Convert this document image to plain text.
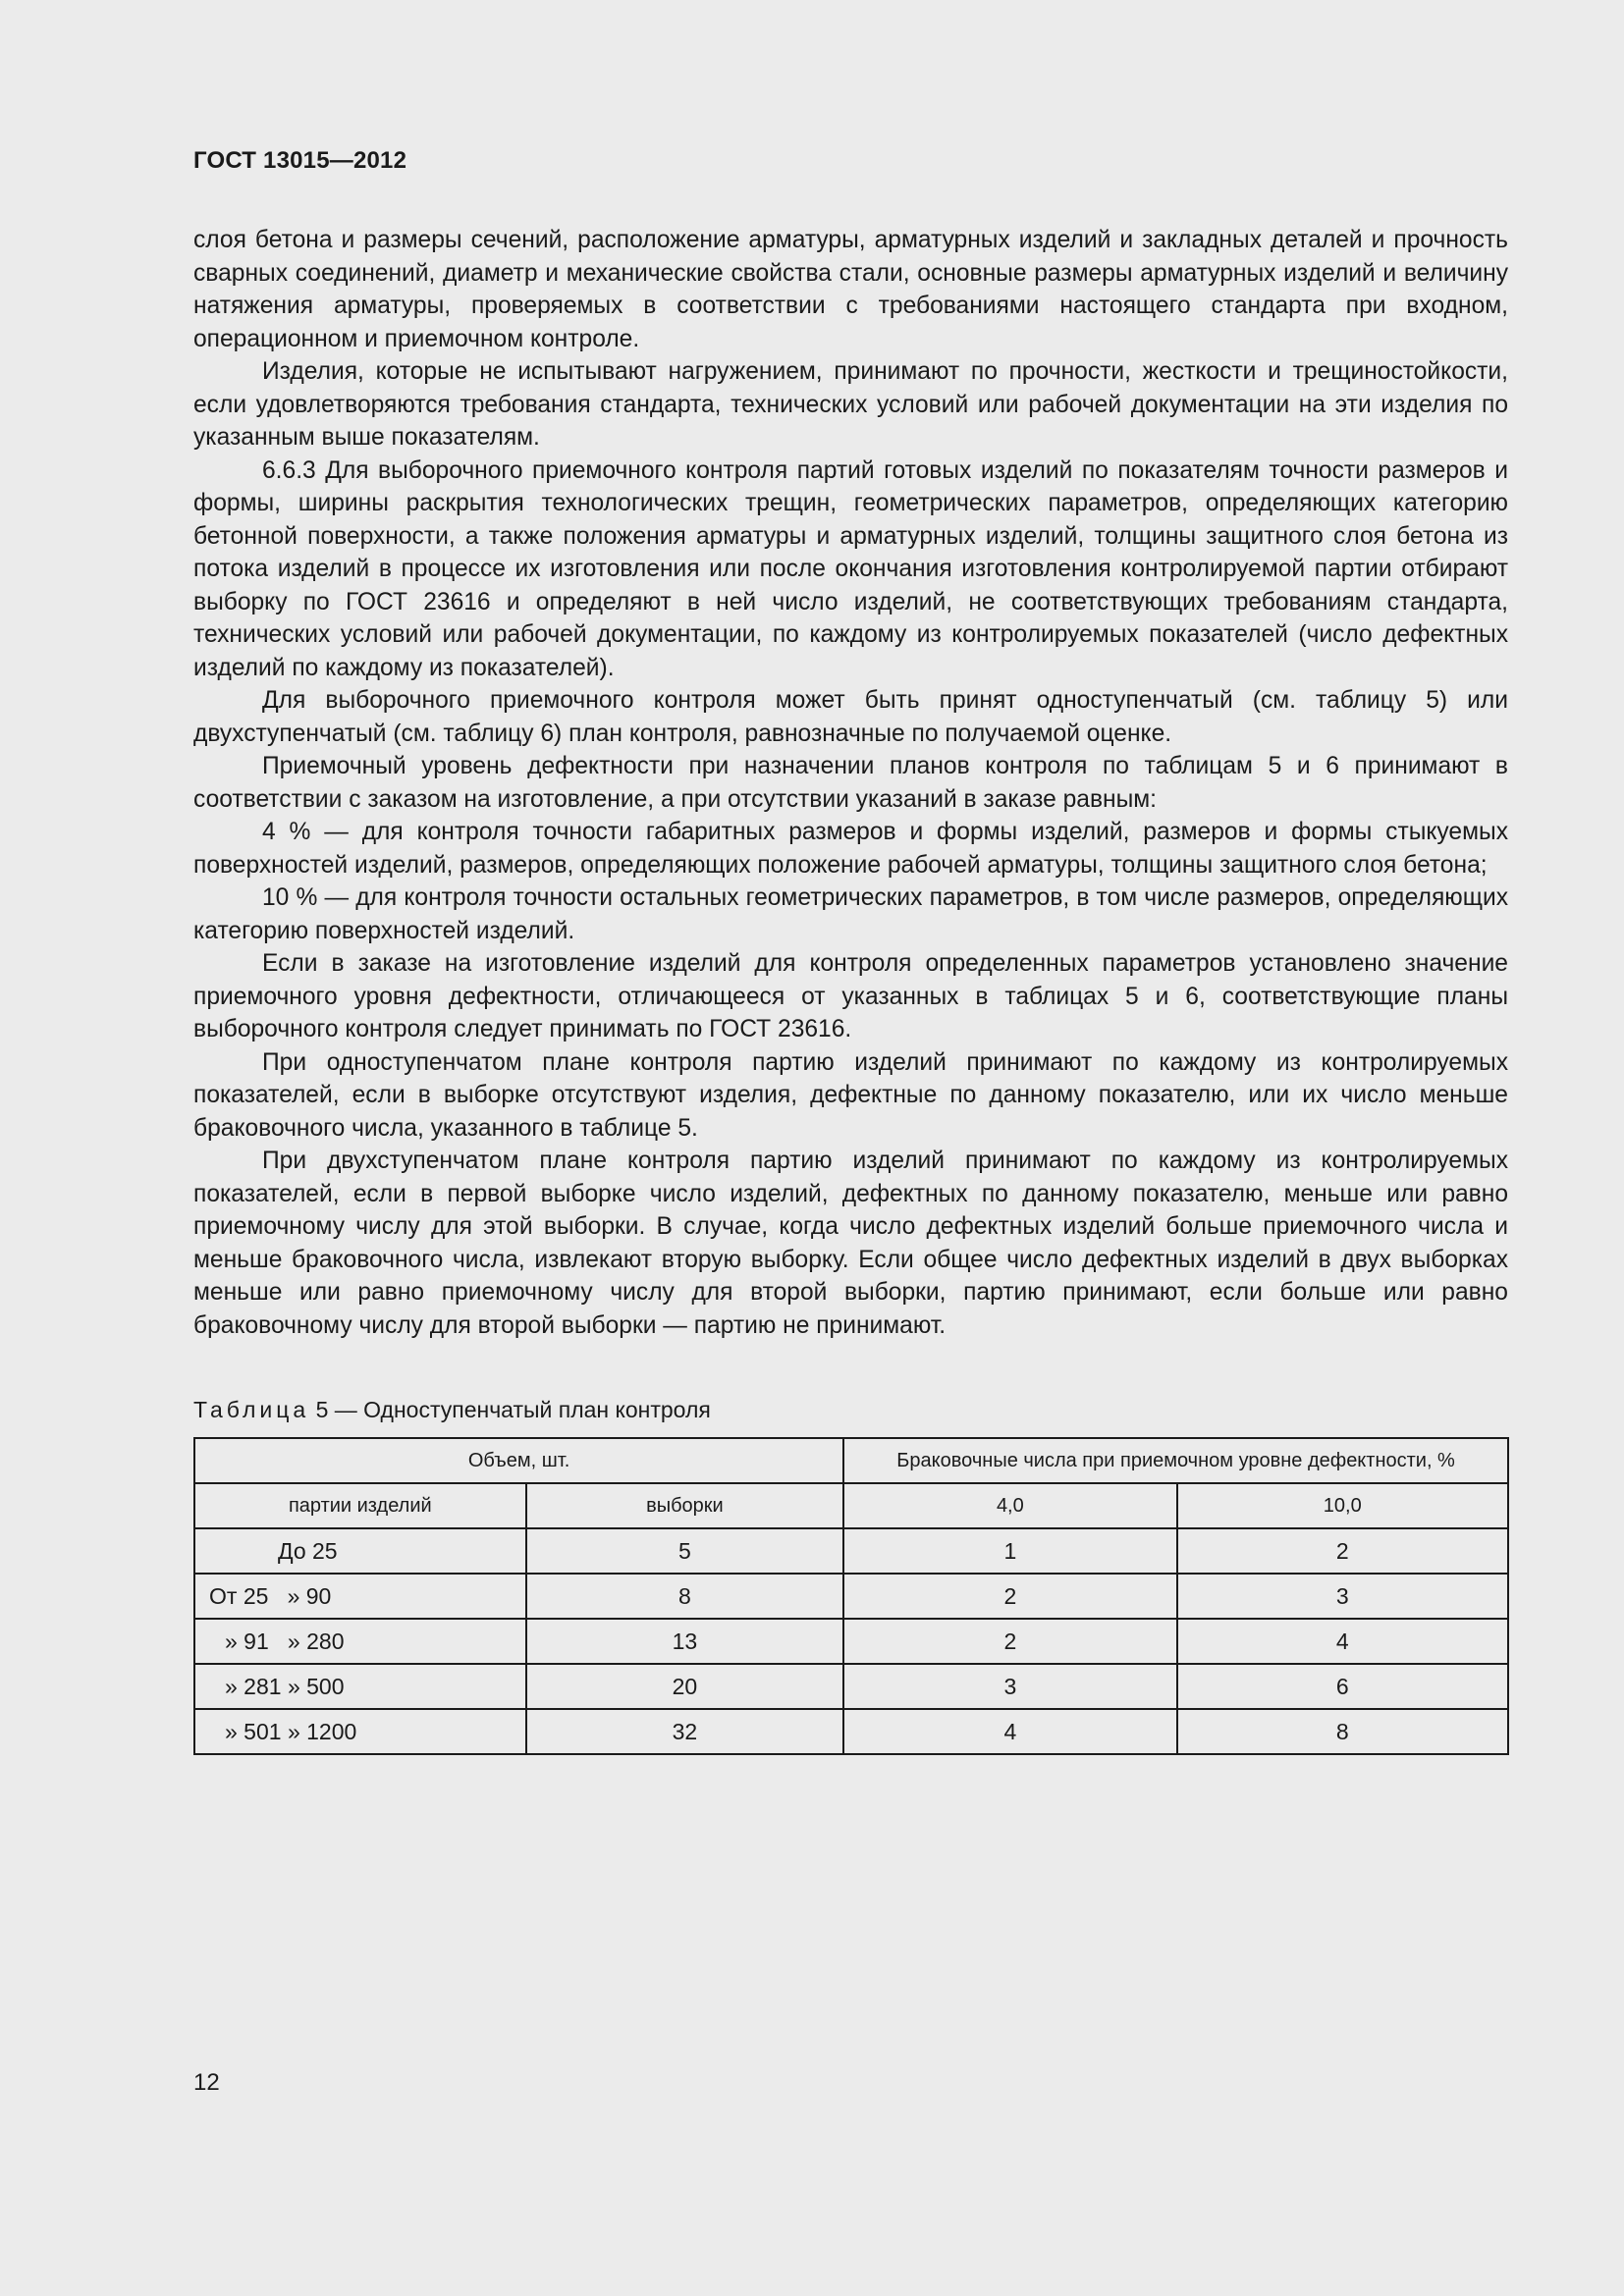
ГОСТ 13015—2012

слоя бетона и размеры сечений, расположение арматуры, арматурных изделий и закладных деталей и прочность сварных соединений, диаметр и механические свойства стали, основные размеры арматурных изделий и величину натяжения арматуры, проверяемых в соответствии с требованиями настоящего стандарта при входном, операционном и приемочном контроле.

Изделия, которые не испытывают нагружением, принимают по прочности, жесткости и трещиностойкости, если удовлетворяются требования стандарта, технических условий или рабочей документации на эти изделия по указанным выше показателям.

6.6.3 Для выборочного приемочного контроля партий готовых изделий по показателям точности размеров и формы, ширины раскрытия технологических трещин, геометрических параметров, определяющих категорию бетонной поверхности, а также положения арматуры и арматурных изделий, толщины защитного слоя бетона из потока изделий в процессе их изготовления или после окончания изготовления контролируемой партии отбирают выборку по ГОСТ 23616 и определяют в ней число изделий, не соответствующих требованиям стандарта, технических условий или рабочей документации, по каждому из контролируемых показателей (число дефектных изделий по каждому из показателей).

Для выборочного приемочного контроля может быть принят одноступенчатый (см. таблицу 5) или двухступенчатый (см. таблицу 6) план контроля, равнозначные по получаемой оценке.

Приемочный уровень дефектности при назначении планов контроля по таблицам 5 и 6 принимают в соответствии с заказом на изготовление, а при отсутствии указаний в заказе равным:

4 % — для контроля точности габаритных размеров и формы изделий, размеров и формы стыкуемых поверхностей изделий, размеров, определяющих положение рабочей арматуры, толщины защитного слоя бетона;

10 % — для контроля точности остальных геометрических параметров, в том числе размеров, определяющих категорию поверхностей изделий.

Если в заказе на изготовление изделий для контроля определенных параметров установлено значение приемочного уровня дефектности, отличающееся от указанных в таблицах 5 и 6, соответствующие планы выборочного контроля следует принимать по ГОСТ 23616.

При одноступенчатом плане контроля партию изделий принимают по каждому из контролируемых показателей, если в выборке отсутствуют изделия, дефектные по данному показателю, или их число меньше браковочного числа, указанного в таблице 5.

При двухступенчатом плане контроля партию изделий принимают по каждому из контролируемых показателей, если в первой выборке число изделий, дефектных по данному показателю, меньше или равно приемочному числу для этой выборки. В случае, когда число дефектных изделий больше приемочного числа и меньше браковочного числа, извлекают вторую выборку. Если общее число дефектных изделий в двух выборках меньше или равно приемочному числу для второй выборки, партию принимают, если больше или равно браковочному числу для второй выборки — партию не принимают.

Таблица 5 — Одноступенчатый план контроля
Объем, шт.		Браковочные числа при приемочном уровне дефектности, %	
партии изделий	выборки	4,0	10,0
До 25	5	1	2
От 25   » 90	8	2	3
» 91   » 280	13	2	4
» 281 » 500	20	3	6
» 501 » 1200	32	4	8
12
